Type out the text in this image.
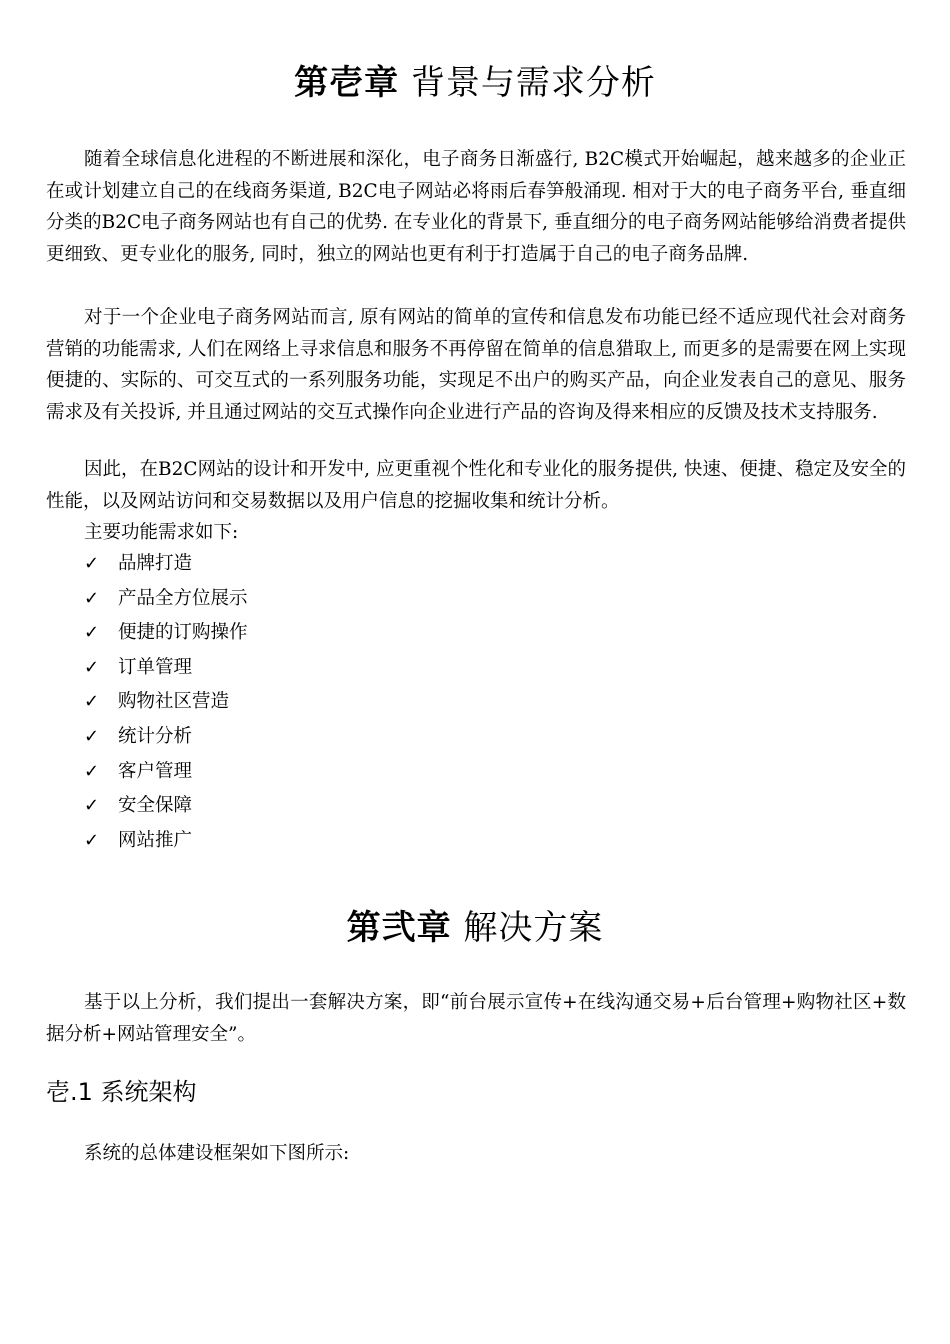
第壱章 背景与需求分析

随着全球信息化进程的不断进展和深化，电子商务日渐盛行, B2C模式开始崛起，越来越多的企业正在或计划建立自己的在线商务渠道, B2C电子网站必将雨后春笋般涌现. 相对于大的电子商务平台, 垂直细分类的B2C电子商务网站也有自己的优势. 在专业化的背景下, 垂直细分的电子商务网站能够给消费者提供更细致、更专业化的服务, 同时，独立的网站也更有利于打造属于自己的电子商务品牌.

对于一个企业电子商务网站而言, 原有网站的简单的宣传和信息发布功能已经不适应现代社会对商务营销的功能需求, 人们在网络上寻求信息和服务不再停留在简单的信息猎取上, 而更多的是需要在网上实现便捷的、实际的、可交互式的一系列服务功能，实现足不出户的购买产品，向企业发表自己的意见、服务需求及有关投诉, 并且通过网站的交互式操作向企业进行产品的咨询及得来相应的反馈及技术支持服务.

因此，在B2C网站的设计和开发中, 应更重视个性化和专业化的服务提供, 快速、便捷、稳定及安全的性能，以及网站访问和交易数据以及用户信息的挖掘收集和统计分析。

主要功能需求如下:

✓	品牌打造
✓	产品全方位展示
✓	便捷的订购操作
✓	订单管理
✓	购物社区营造
✓	统计分析
✓	客户管理
✓	安全保障
✓	网站推广
第弐章 解决方案

基于以上分析，我们提出一套解决方案，即“前台展示宣传+在线沟通交易+后台管理+购物社区+数据分析+网站管理安全”。

壱.1 系统架构

系统的总体建设框架如下图所示:
